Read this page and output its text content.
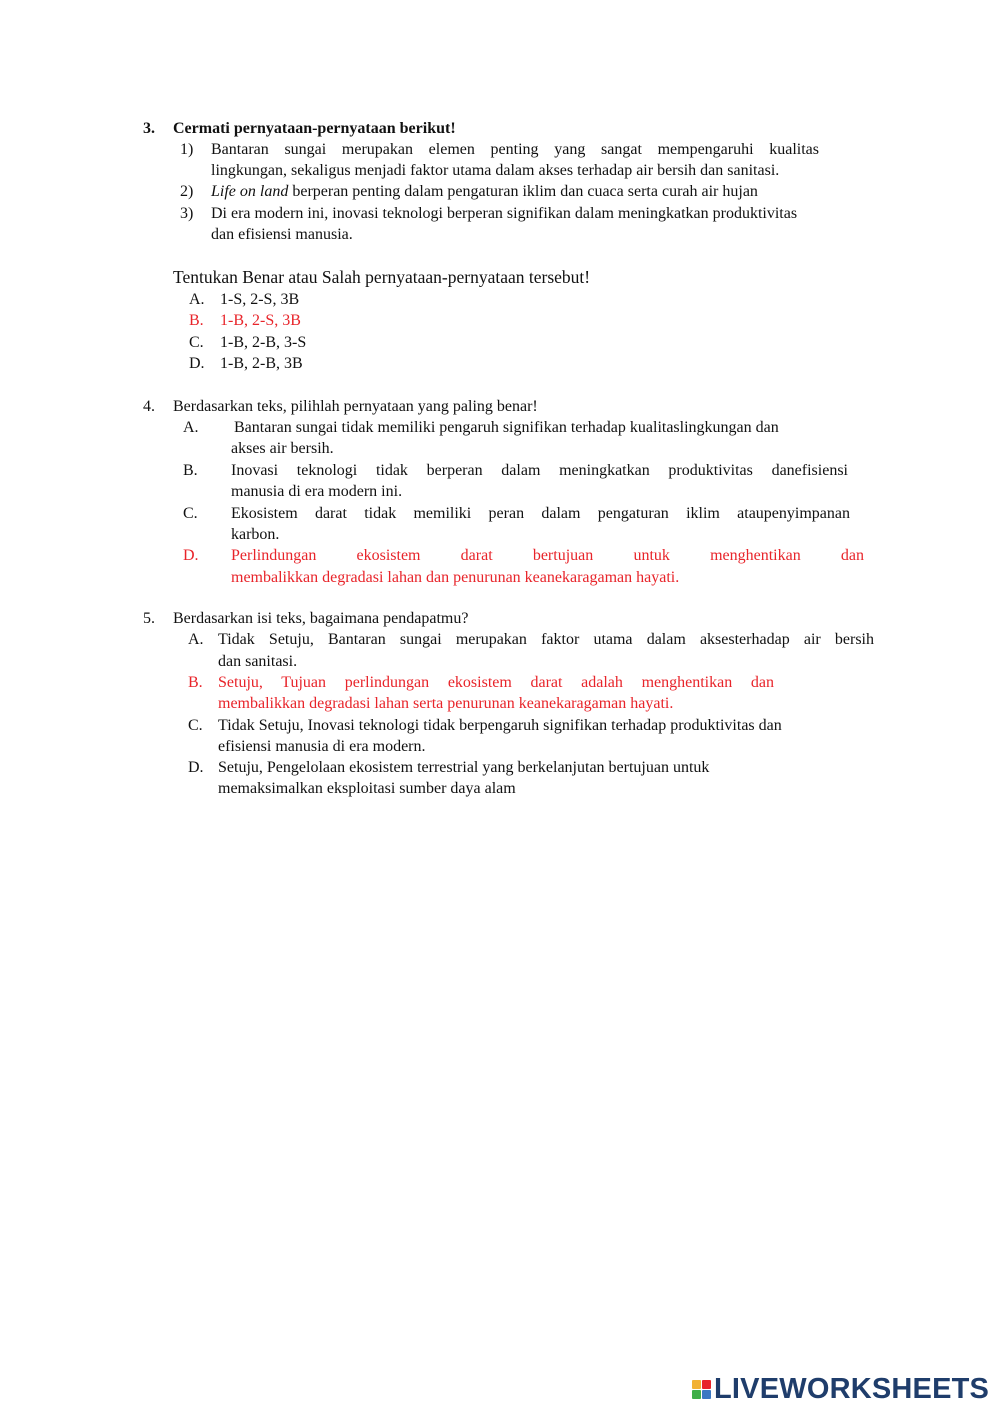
3. Cermati pernyataan-pernyataan berikut!
1) Bantaran sungai merupakan elemen penting yang sangat mempengaruhi kualitas
lingkungan, sekaligus menjadi faktor utama dalam akses terhadap air bersih dan sanitasi.
2) Life on land berperan penting dalam pengaturan iklim dan cuaca serta curah air hujan
3) Di era modern ini, inovasi teknologi berperan signifikan dalam meningkatkan produktivitas
dan efisiensi manusia.
Tentukan Benar atau Salah pernyataan-pernyataan tersebut!
A. 1-S, 2-S, 3B
B. 1-B, 2-S, 3B
C. 1-B, 2-B, 3-S
D. 1-B, 2-B, 3B
4. Berdasarkan teks, pilihlah pernyataan yang paling benar!
A. Bantaran sungai tidak memiliki pengaruh signifikan terhadap kualitaslingkungan dan
akses air bersih.
B. Inovasi teknologi tidak berperan dalam meningkatkan produktivitas danefisiensi
manusia di era modern ini.
C. Ekosistem darat tidak memiliki peran dalam pengaturan iklim ataupenyimpanan
karbon.
D. Perlindungan ekosistem darat bertujuan untuk menghentikan dan
membalikkan degradasi lahan dan penurunan keanekaragaman hayati.
5. Berdasarkan isi teks, bagaimana pendapatmu?
A. Tidak Setuju, Bantaran sungai merupakan faktor utama dalam aksesterhadap air bersih
dan sanitasi.
B. Setuju, Tujuan perlindungan ekosistem darat adalah menghentikan dan
membalikkan degradasi lahan serta penurunan keanekaragaman hayati.
C. Tidak Setuju, Inovasi teknologi tidak berpengaruh signifikan terhadap produktivitas dan
efisiensi manusia di era modern.
D. Setuju, Pengelolaan ekosistem terrestrial yang berkelanjutan bertujuan untuk
memaksimalkan eksploitasi sumber daya alam
LIVEWORKSHEETS
